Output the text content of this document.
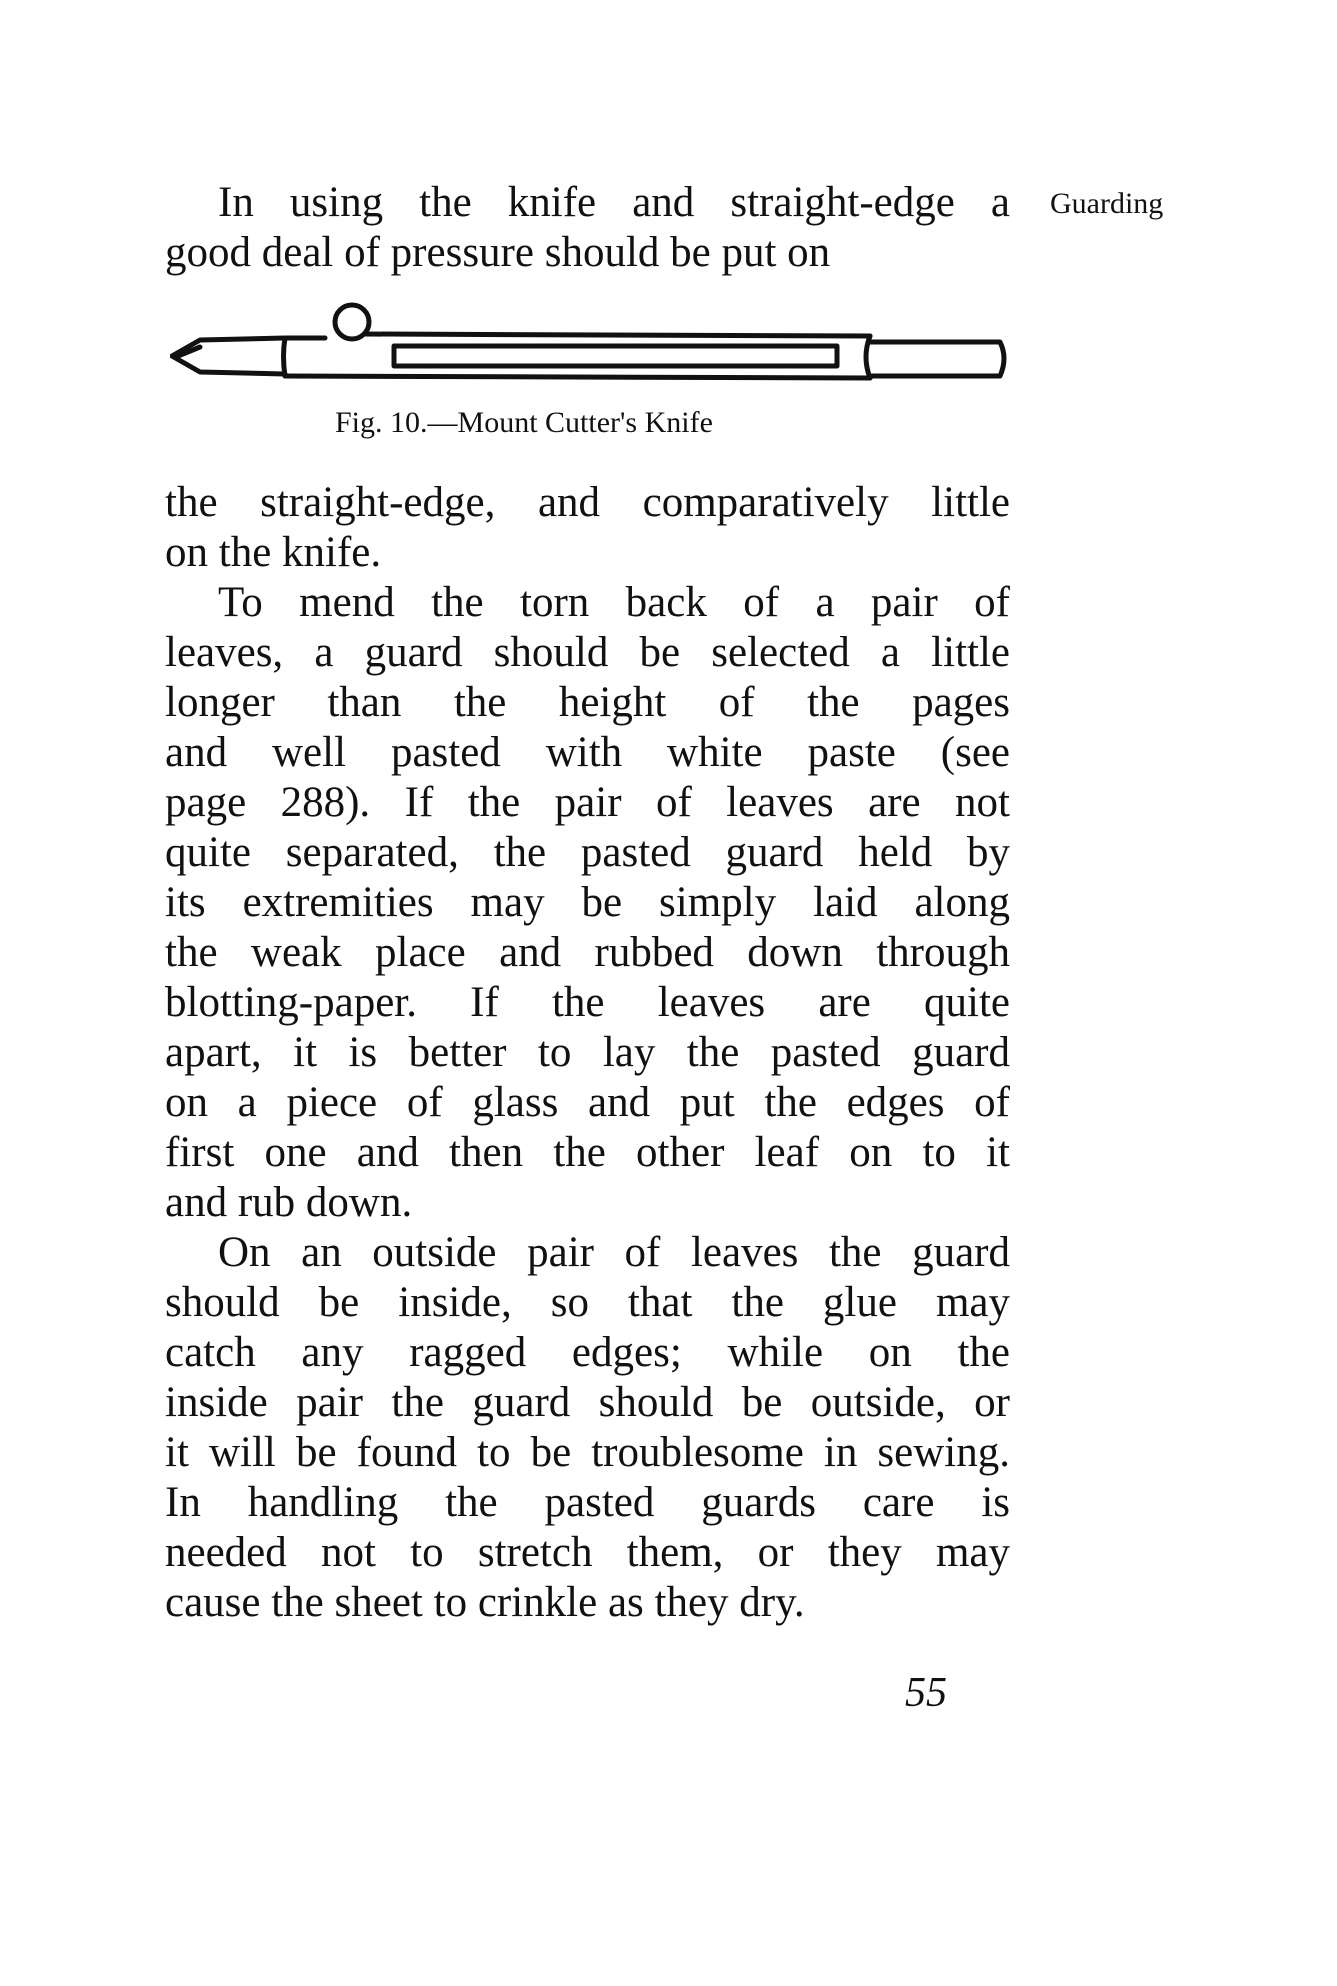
Guarding
In using the knife and straight-edge a
good deal of pressure should be put on
Fig. 10.—Mount Cutter's Knife
the straight-edge, and comparatively little
on the knife.
To mend the torn back of a pair of
leaves, a guard should be selected a little
longer than the height of the pages
and well pasted with white paste (see
page 288). If the pair of leaves are not
quite separated, the pasted guard held by
its extremities may be simply laid along
the weak place and rubbed down through
blotting-paper. If the leaves are quite
apart, it is better to lay the pasted guard
on a piece of glass and put the edges of
first one and then the other leaf on to it
and rub down.
On an outside pair of leaves the guard
should be inside, so that the glue may
catch any ragged edges; while on the
inside pair the guard should be outside, or
it will be found to be troublesome in sewing.
In handling the pasted guards care is
needed not to stretch them, or they may
cause the sheet to crinkle as they dry.
55
